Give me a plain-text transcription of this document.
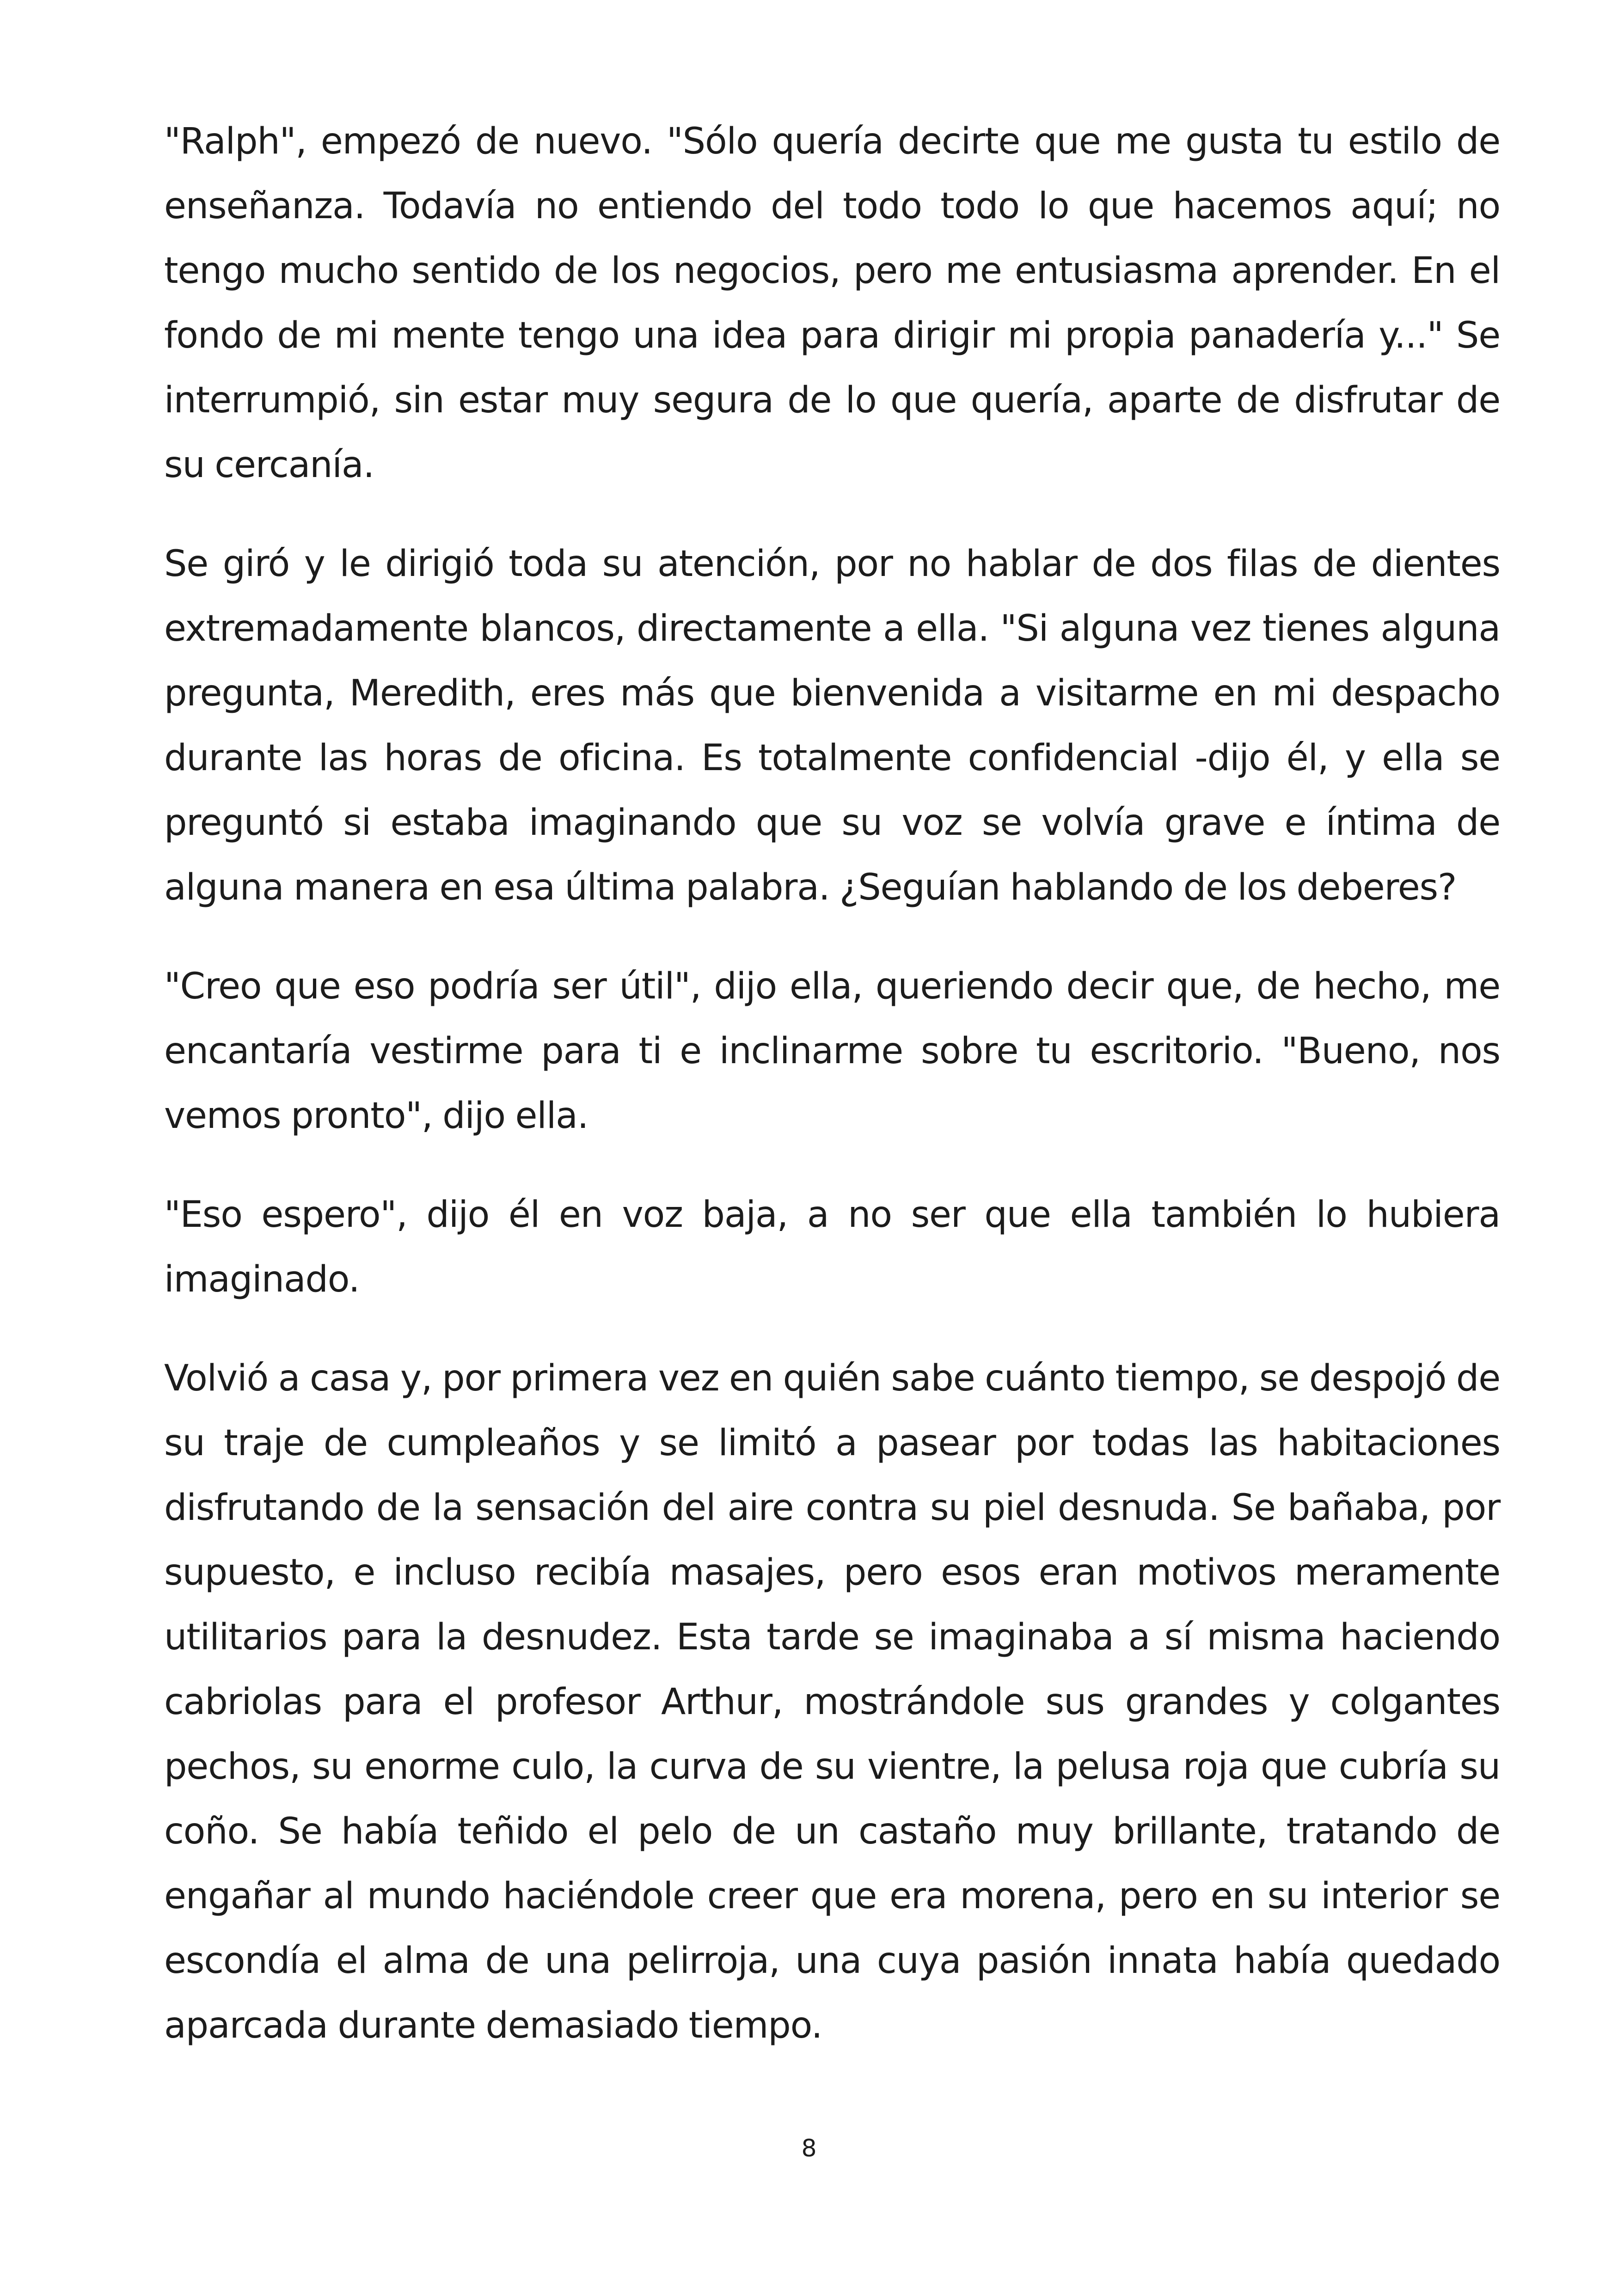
"Ralph", empezó de nuevo. "Sólo quería decirte que me gusta tu estilo de enseñanza. Todavía no entiendo del todo todo lo que hacemos aquí; no tengo mucho sentido de los negocios, pero me entusiasma aprender. En el fondo de mi mente tengo una idea para dirigir mi propia panadería y..." Se interrumpió, sin estar muy segura de lo que quería, aparte de disfrutar de su cercanía.

Se giró y le dirigió toda su atención, por no hablar de dos filas de dientes extremadamente blancos, directamente a ella. "Si alguna vez tienes alguna pregunta, Meredith, eres más que bienvenida a visitarme en mi despacho durante las horas de oficina. Es totalmente confidencial -dijo él, y ella se preguntó si estaba imaginando que su voz se volvía grave e íntima de alguna manera en esa última palabra. ¿Seguían hablando de los deberes?

"Creo que eso podría ser útil", dijo ella, queriendo decir que, de hecho, me encantaría vestirme para ti e inclinarme sobre tu escritorio. "Bueno, nos vemos pronto", dijo ella.

"Eso espero", dijo él en voz baja, a no ser que ella también lo hubiera imaginado.

Volvió a casa y, por primera vez en quién sabe cuánto tiempo, se despojó de su traje de cumpleaños y se limitó a pasear por todas las habitaciones disfrutando de la sensación del aire contra su piel desnuda. Se bañaba, por supuesto, e incluso recibía masajes, pero esos eran motivos meramente utilitarios para la desnudez. Esta tarde se imaginaba a sí misma haciendo cabriolas para el profesor Arthur, mostrándole sus grandes y colgantes pechos, su enorme culo, la curva de su vientre, la pelusa roja que cubría su coño. Se había teñido el pelo de un castaño muy brillante, tratando de engañar al mundo haciéndole creer que era morena, pero en su interior se escondía el alma de una pelirroja, una cuya pasión innata había quedado aparcada durante demasiado tiempo.

8
